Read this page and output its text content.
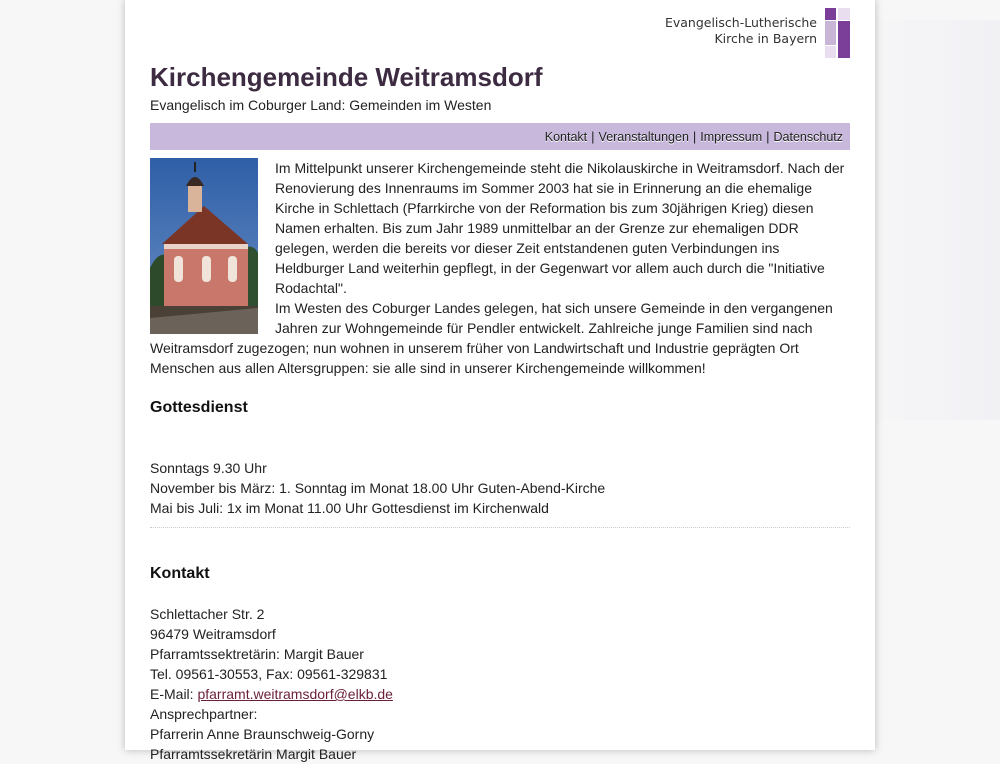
Evangelisch-Lutherische
Kirche in Bayern
Kirchengemeinde Weitramsdorf
Evangelisch im Coburger Land: Gemeinden im Westen
Kontakt | Veranstaltungen | Impressum | Datenschutz

Im Mittelpunkt unserer Kirchengemeinde steht die Nikolauskirche in Weitramsdorf. Nach der Renovierung des Innenraums im Sommer 2003 hat sie in Erinnerung an die ehemalige Kirche in Schlettach (Pfarrkirche von der Reformation bis zum 30jährigen Krieg) diesen Namen erhalten. Bis zum Jahr 1989 unmittelbar an der Grenze zur ehemaligen DDR gelegen, werden die bereits vor dieser Zeit entstandenen guten Verbindungen ins Heldburger Land weiterhin gepflegt, in der Gegenwart vor allem auch durch die "Initiative Rodachtal".

Im Westen des Coburger Landes gelegen, hat sich unsere Gemeinde in den vergangenen Jahren zur Wohngemeinde für Pendler entwickelt. Zahlreiche junge Familien sind nach Weitramsdorf zugezogen; nun wohnen in unserem früher von Landwirtschaft und Industrie geprägten Ort Menschen aus allen Altersgruppen: sie alle sind in unserer Kirchengemeinde willkommen!

Gottesdienst
Sonntags 9.30 Uhr
November bis März: 1. Sonntag im Monat 18.00 Uhr Guten-Abend-Kirche
Mai bis Juli: 1x im Monat 11.00 Uhr Gottesdienst im Kirchenwald
Kontakt
Schlettacher Str. 2
96479 Weitramsdorf
Pfarramtssektretärin: Margit Bauer
Tel. 09561-30553, Fax: 09561-329831
E-Mail: pfarramt.weitramsdorf@elkb.de
Ansprechpartner:
Pfarrerin Anne Braunschweig-Gorny
Pfarramtssekretärin Margit Bauer
